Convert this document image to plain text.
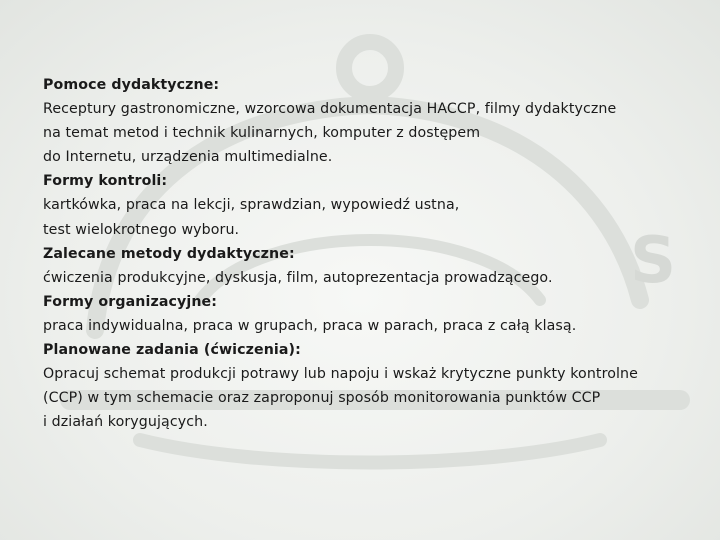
S
Pomoce dydaktyczne:
Receptury gastronomiczne, wzorcowa dokumentacja HACCP, filmy dydaktyczne
na temat metod i technik kulinarnych, komputer z dostępem
do Internetu, urządzenia multimedialne.
Formy kontroli:
kartkówka, praca na lekcji, sprawdzian, wypowiedź ustna,
test wielokrotnego wyboru.
Zalecane metody dydaktyczne:
ćwiczenia produkcyjne, dyskusja, film, autoprezentacja prowadzącego.
Formy organizacyjne:
praca indywidualna, praca w grupach, praca w parach, praca z całą klasą.
Planowane zadania (ćwiczenia):
Opracuj schemat produkcji potrawy lub napoju i wskaż krytyczne punkty kontrolne
(CCP) w tym schemacie oraz zaproponuj sposób monitorowania punktów CCP
i działań korygujących.
